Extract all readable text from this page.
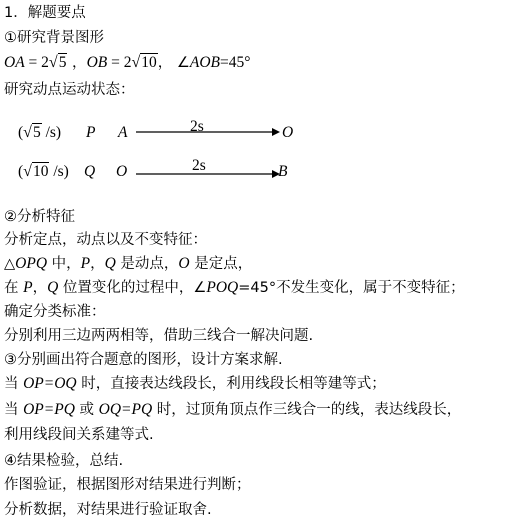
1．解题要点
①研究背景图形
OA = 2√5 ，OB = 2√10， ∠AOB=45°
研究动点运动状态：
(√5 /s) P A	2s	O
(√10 /s) Q O	2s	B
②分析特征
分析定点，动点以及不变特征：
△OPQ 中，P，Q 是动点，O 是定点，
在 P，Q 位置变化的过程中，∠POQ=45°不发生变化，属于不变特征；
确定分类标准：
分别利用三边两两相等，借助三线合一解决问题.
③分别画出符合题意的图形，设计方案求解.
当 OP=OQ 时，直接表达线段长，利用线段长相等建等式；
当 OP=PQ 或 OQ=PQ 时，过顶角顶点作三线合一的线，表达线段长，
利用线段间关系建等式.
④结果检验，总结.
作图验证，根据图形对结果进行判断；
分析数据，对结果进行验证取舍.
